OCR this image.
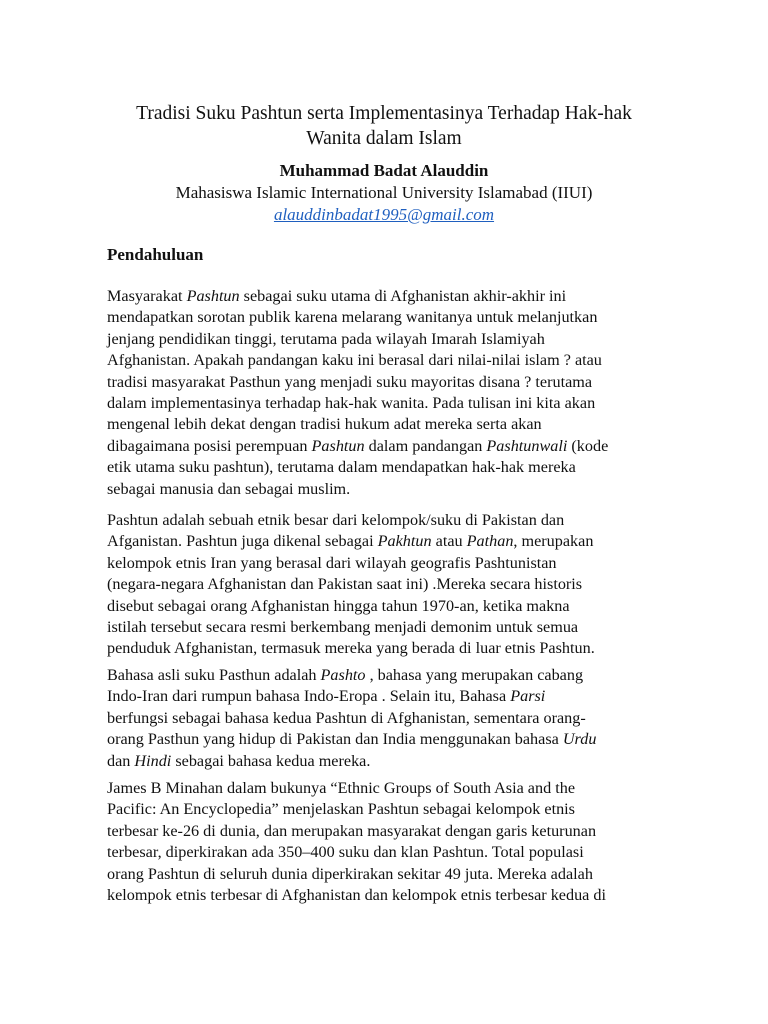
Tradisi Suku Pashtun serta Implementasinya Terhadap Hak-hak
Wanita dalam Islam

Muhammad Badat Alauddin

Mahasiswa Islamic International University Islamabad (IIUI)

alauddinbadat1995@gmail.com

Pendahuluan

Masyarakat Pashtun sebagai suku utama di Afghanistan akhir-akhir ini
mendapatkan sorotan publik karena melarang wanitanya untuk melanjutkan
jenjang pendidikan tinggi, terutama pada wilayah Imarah Islamiyah
Afghanistan. Apakah pandangan kaku ini berasal dari nilai-nilai islam ? atau
tradisi masyarakat Pasthun yang menjadi suku mayoritas disana ? terutama
dalam implementasinya terhadap hak-hak wanita. Pada tulisan ini kita akan
mengenal lebih dekat dengan tradisi hukum adat mereka serta akan
dibagaimana posisi perempuan Pashtun dalam pandangan Pashtunwali (kode
etik utama suku pashtun), terutama dalam mendapatkan hak-hak mereka
sebagai manusia dan sebagai muslim.

Pashtun adalah sebuah etnik besar dari kelompok/suku di Pakistan dan
Afganistan. Pashtun juga dikenal sebagai Pakhtun atau Pathan, merupakan
kelompok etnis Iran yang berasal dari wilayah geografis Pashtunistan
(negara-negara Afghanistan dan Pakistan saat ini) .Mereka secara historis
disebut sebagai orang Afghanistan hingga tahun 1970-an, ketika makna
istilah tersebut secara resmi berkembang menjadi demonim untuk semua
penduduk Afghanistan, termasuk mereka yang berada di luar etnis Pashtun.

Bahasa asli suku Pasthun adalah Pashto , bahasa yang merupakan cabang
Indo-Iran dari rumpun bahasa Indo-Eropa . Selain itu, Bahasa Parsi
berfungsi sebagai bahasa kedua Pashtun di Afghanistan, sementara orang-
orang Pasthun yang hidup di Pakistan dan India menggunakan bahasa Urdu
dan Hindi sebagai bahasa kedua mereka.

James B Minahan dalam bukunya “Ethnic Groups of South Asia and the
Pacific: An Encyclopedia” menjelaskan Pashtun sebagai kelompok etnis
terbesar ke-26 di dunia, dan merupakan masyarakat dengan garis keturunan
terbesar, diperkirakan ada 350–400 suku dan klan Pashtun. Total populasi
orang Pashtun di seluruh dunia diperkirakan sekitar 49 juta. Mereka adalah
kelompok etnis terbesar di Afghanistan dan kelompok etnis terbesar kedua di
